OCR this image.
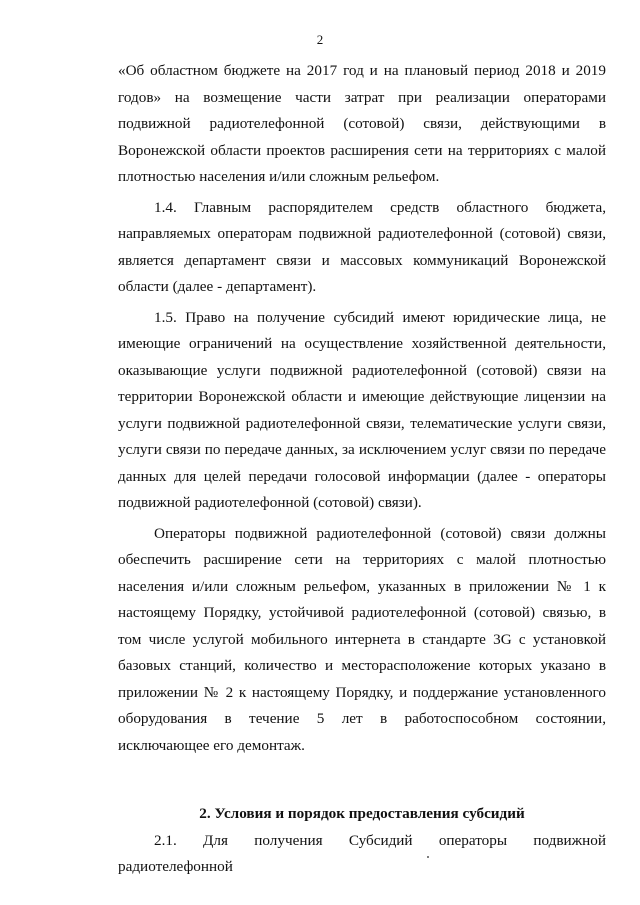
2

«Об областном бюджете на 2017 год и на плановый период 2018 и 2019 годов» на возмещение части затрат при реализации операторами подвижной радиотелефонной (сотовой) связи, действующими в Воронежской области проектов расширения сети на территориях с малой плотностью населения и/или сложным рельефом.

1.4. Главным распорядителем средств областного бюджета, направляемых операторам подвижной радиотелефонной (сотовой) связи, является департамент связи и массовых коммуникаций Воронежской области (далее - департамент).

1.5. Право на получение субсидий имеют юридические лица, не имеющие ограничений на осуществление хозяйственной деятельности, оказывающие услуги подвижной радиотелефонной (сотовой) связи на территории Воронежской области и имеющие действующие лицензии на услуги подвижной радиотелефонной связи, телематические услуги связи, услуги связи по передаче данных, за исключением услуг связи по передаче данных для целей передачи голосовой информации (далее - операторы подвижной радиотелефонной (сотовой) связи).

Операторы подвижной радиотелефонной (сотовой) связи должны обеспечить расширение сети на территориях с малой плотностью населения и/или сложным рельефом, указанных в приложении № 1 к настоящему Порядку, устойчивой радиотелефонной (сотовой) связью, в том числе услугой мобильного интернета в стандарте 3G с установкой базовых станций, количество и месторасположение которых указано в приложении № 2 к настоящему Порядку, и поддержание установленного оборудования в течение 5 лет в работоспособном состоянии, исключающее его демонтаж.

2. Условия и порядок предоставления субсидий

2.1. Для получения Субсидий операторы подвижной радиотелефонной
